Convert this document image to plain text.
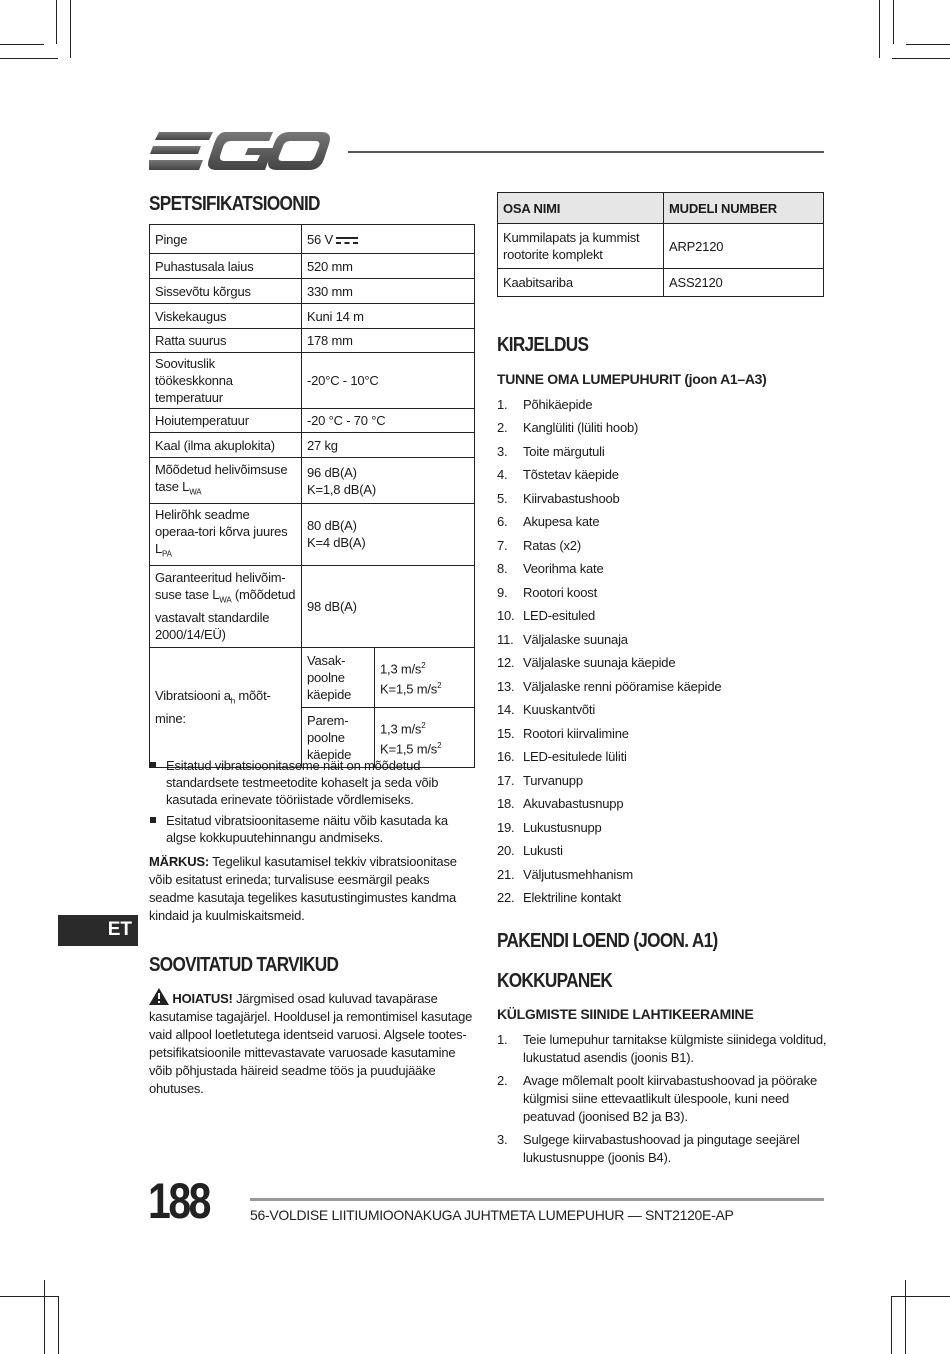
SPETSIFIKATSIOONID
Pinge	56 V	
Puhastusala laius	520 mm	
Sissevõtu kõrgus	330 mm	
Viskekaugus	Kuni 14 m	
Ratta suurus	178 mm	
Soovituslik töökeskkonna temperatuur	-20°C - 10°C	
Hoiutemperatuur	-20 °C - 70 °C	
Kaal (ilma akuplokita)	27 kg	
Mõõdetud helivõimsuse tase $L_{WA}$	96 dB(A)
K=1,8 dB(A)	
Helirõhk seadme operaa-tori kõrva juures $L_{PA}$	80 dB(A)
K=4 dB(A)	
Garanteeritud helivõim-suse tase $L_{WA}$ (mõõdetud vastavalt standardile 2000/14/EÜ)	98 dB(A)	
Vibratsiooni $a_h$ mõõt-mine:	Vasak-poolne käepide	1,3 $m/s^2$
K=1,5 $m/s^2$
	Parem-poolne käepide	1,3 $m/s^2$
K=1,5 $m/s^2$
Esitatud vibratsioonitaseme näit on mõõdetud standardsete testmeetodite kohaselt ja seda võib kasutada erinevate tööriistade võrdlemiseks.
Esitatud vibratsioonitaseme näitu võib kasutada ka algse kokkupuutehinnangu andmiseks.
MÄRKUS: Tegelikul kasutamisel tekkiv vibratsioonitase võib esitatust erineda; turvalisuse eesmärgil peaks seadme kasutaja tegelikes kasutustingimustes kandma kindaid ja kuulmiskaitsmeid.
ET
SOOVITATUD TARVIKUD
HOIATUS! Järgmised osad kuluvad tavapärase kasutamise tagajärjel. Hooldusel ja remontimisel kasutage vaid allpool loetletutega identseid varuosi. Algsele tootes-petsifikatsioonile mittevastavate varuosade kasutamine võib põhjustada häireid seadme töös ja puudujääke ohutuses.
OSA NIMI	MUDELI NUMBER
Kummilapats ja kummist rootorite komplekt	ARP2120
Kaabitsariba	ASS2120
KIRJELDUS
TUNNE OMA LUMEPUHURIT (joon A1–A3)
1. Põhikäepide
2. Kanglüliti (lüliti hoob)
3. Toite märgutuli
4. Tõstetav käepide
5. Kiirvabastushoob
6. Akupesa kate
7. Ratas (x2)
8. Veorihma kate
9. Rootori koost
10. LED-esituled
11. Väljalaske suunaja
12. Väljalaske suunaja käepide
13. Väljalaske renni pööramise käepide
14. Kuuskantvõti
15. Rootori kiirvalimine
16. LED-esitulede lüliti
17. Turvanupp
18. Akuvabastusnupp
19. Lukustusnupp
20. Lukusti
21. Väljutusmehhanism
22. Elektriline kontakt
PAKENDI LOEND (JOON. A1)
KOKKUPANEK
KÜLGMISTE SIINIDE LAHTIKEERAMINE
1.	Teie lumepuhur tarnitakse külgmiste siinidega volditud, lukustatud asendis (joonis B1).
2.	Avage mõlemalt poolt kiirvabastushoovad ja pöörake külgmisi siine ettevaatlikult ülespoole, kuni need peatuvad (joonised B2 ja B3).
3.	Sulgege kiirvabastushoovad ja pingutage seejärel lukustusnuppe (joonis B4).
188	56-VOLDISE LIITIUMIOONAKUGA JUHTMETA LUMEPUHUR — SNT2120E-AP
